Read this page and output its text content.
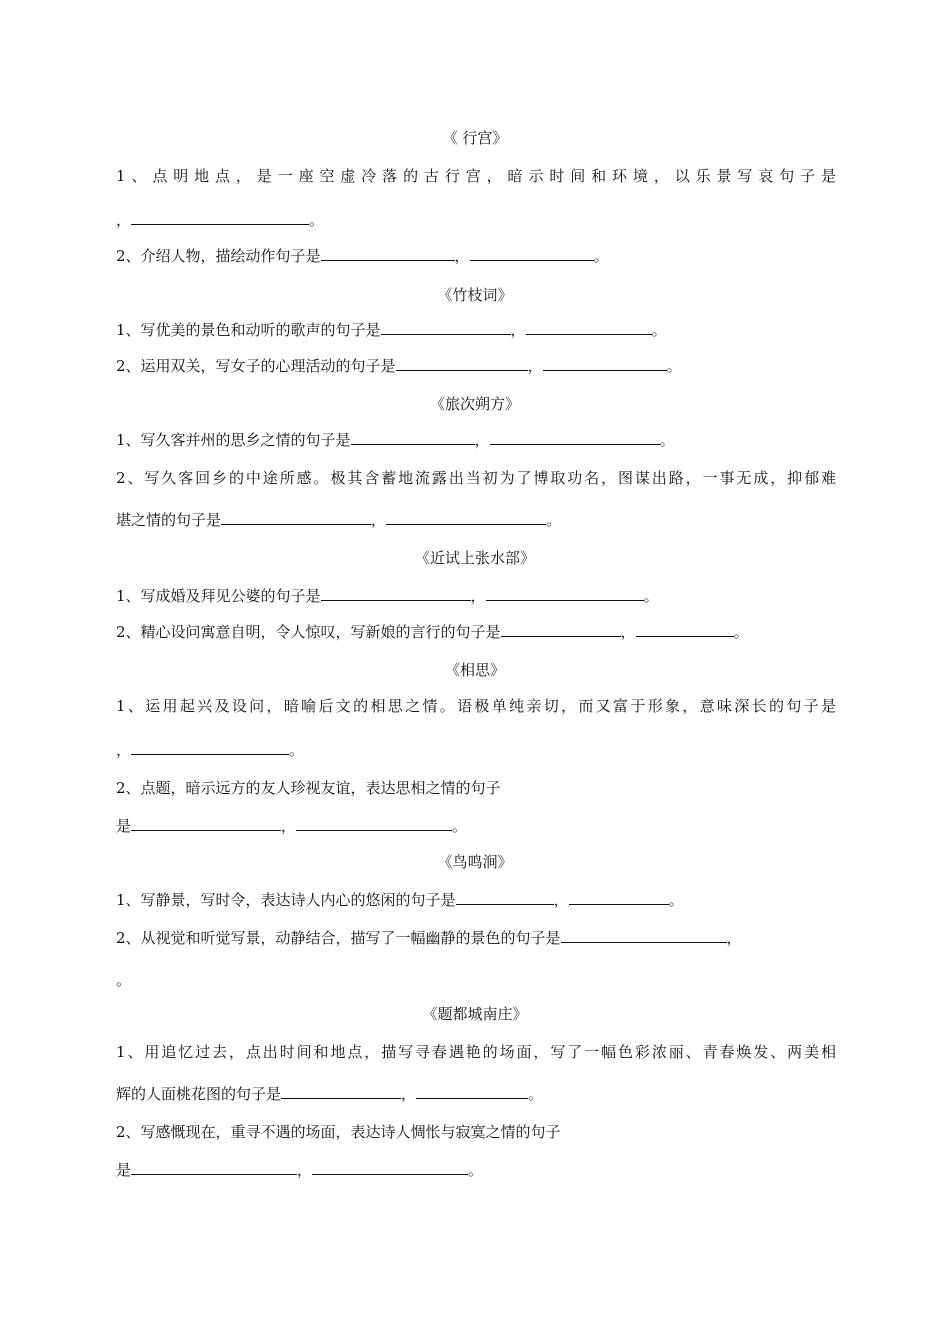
《 行宫》
1、点明地点，是一座空虚冷落的古行宫，暗示时间和环境，以乐景写哀句子是
，	。
2、介绍人物，描绘动作句子是	，	。
《竹枝词》
1、写优美的景色和动听的歌声的句子是	，	。
2、运用双关，写女子的心理活动的句子是	，	。
《旅次朔方》
1、写久客并州的思乡之情的句子是	，	。
2、写久客回乡的中途所感。极其含蓄地流露出当初为了博取功名，图谋出路，一事无成，抑郁难
堪之情的句子是	，	。
《近试上张水部》
1、写成婚及拜见公婆的句子是	，	。
2、精心设问寓意自明，令人惊叹，写新娘的言行的句子是	，	。
《相思》
1、运用起兴及设问，暗喻后文的相思之情。语极单纯亲切，而又富于形象，意味深长的句子是
，	。
2、点题，暗示远方的友人珍视友谊，表达思相之情的句子
是	，	。
《鸟鸣涧》
1、写静景，写时令，表达诗人内心的悠闲的句子是	，	。
2、从视觉和听觉写景，动静结合，描写了一幅幽静的景色的句子是	，
。
《题都城南庄》
1、用追忆过去，点出时间和地点，描写寻春遇艳的场面，写了一幅色彩浓丽、青春焕发、两美相
辉的人面桃花图的句子是	，	。
2、写感慨现在，重寻不遇的场面，表达诗人惆怅与寂寞之情的句子
是	，	。
